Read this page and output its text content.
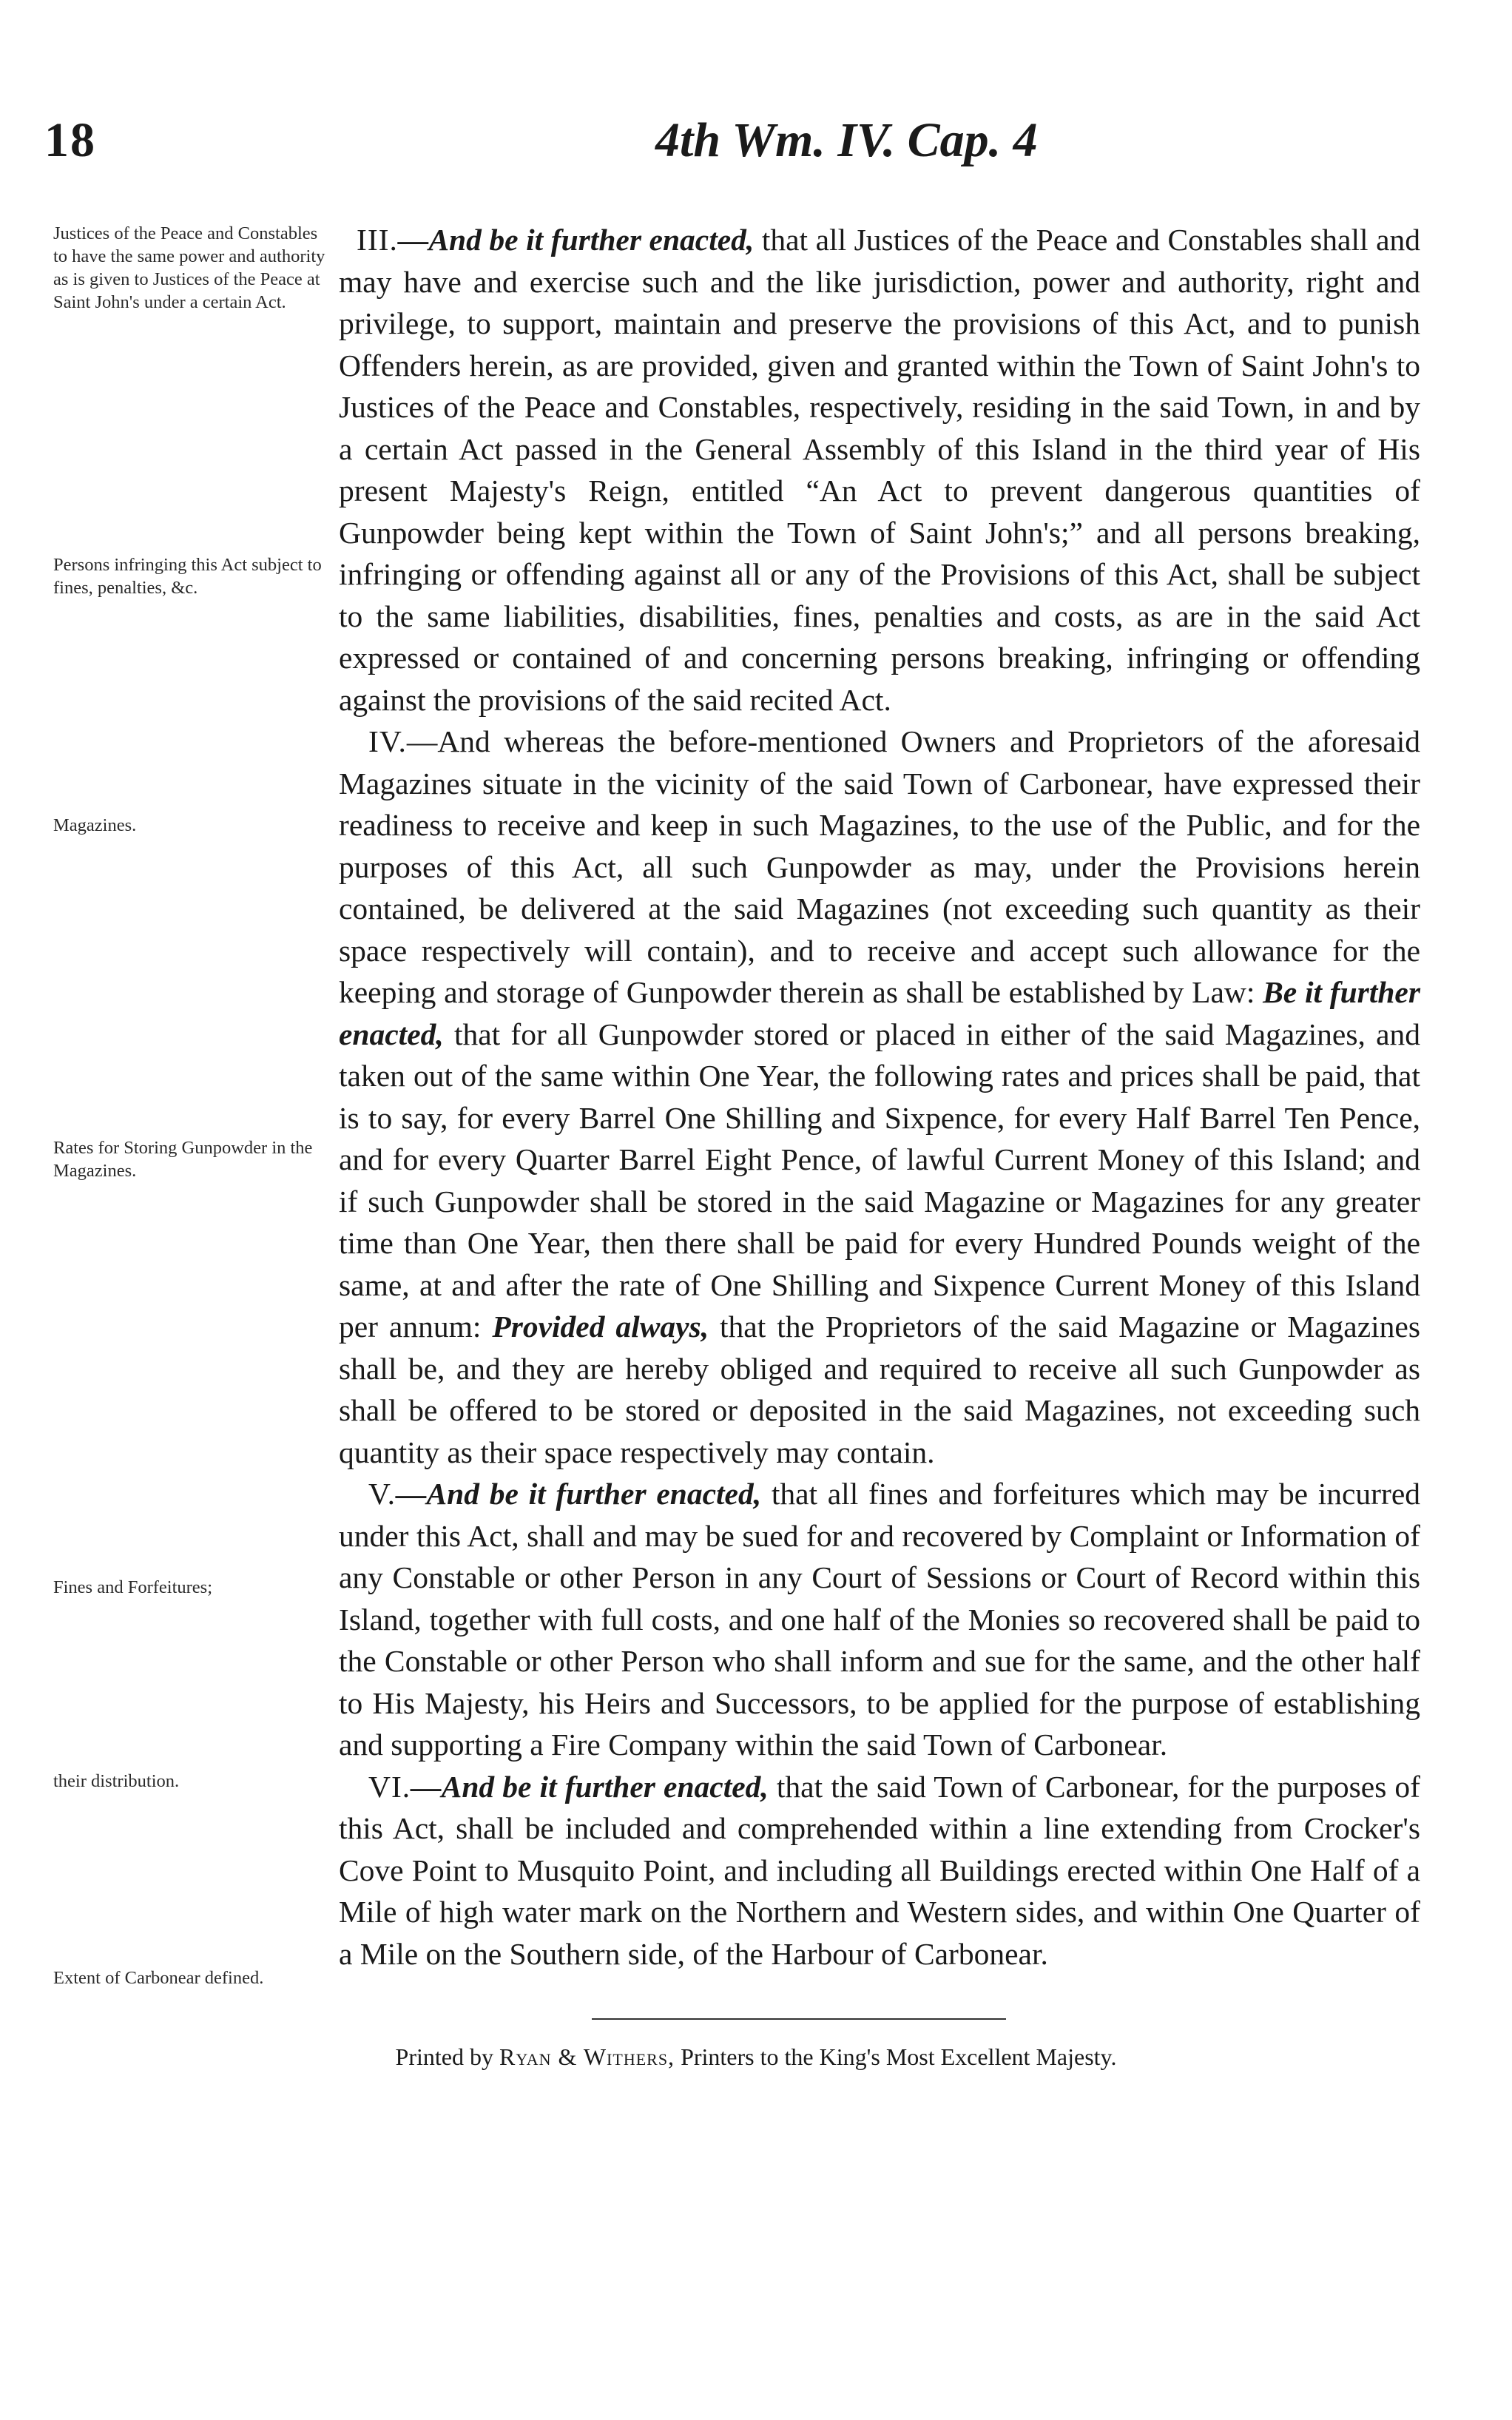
18	4th Wm. IV. Cap. 4
Justices of the Peace and Constables to have the same power and authority as is given to Justices of the Peace at Saint John's under a certain Act.
Persons infringing this Act subject to fines, penalties, &c.
Magazines.
Rates for Storing Gunpowder in the Magazines.
Fines and Forfeitures;
their distribution.
Extent of Carbonear defined.

III.—And be it further enacted, that all Justices of the Peace and Constables shall and may have and exercise such and the like jurisdiction, power and authority, right and privilege, to support, maintain and preserve the provisions of this Act, and to punish Offenders herein, as are provided, given and granted within the Town of Saint John's to Justices of the Peace and Constables, respectively, residing in the said Town, in and by a certain Act passed in the General Assembly of this Island in the third year of His present Majesty's Reign, entitled “An Act to prevent dangerous quantities of Gunpowder being kept within the Town of Saint John's;” and all persons breaking, infringing or offending against all or any of the Provisions of this Act, shall be subject to the same liabilities, disabilities, fines, penalties and costs, as are in the said Act expressed or contained of and concerning persons breaking, infringing or offending against the provisions of the said recited Act.

IV.—And whereas the before-mentioned Owners and Proprietors of the aforesaid Magazines situate in the vicinity of the said Town of Carbonear, have expressed their readiness to receive and keep in such Magazines, to the use of the Public, and for the purposes of this Act, all such Gunpowder as may, under the Provisions herein contained, be delivered at the said Magazines (not exceeding such quantity as their space respectively will contain), and to receive and accept such allowance for the keeping and storage of Gunpowder therein as shall be established by Law: Be it further enacted, that for all Gunpowder stored or placed in either of the said Magazines, and taken out of the same within One Year, the following rates and prices shall be paid, that is to say, for every Barrel One Shilling and Sixpence, for every Half Barrel Ten Pence, and for every Quarter Barrel Eight Pence, of lawful Current Money of this Island; and if such Gunpowder shall be stored in the said Magazine or Magazines for any greater time than One Year, then there shall be paid for every Hundred Pounds weight of the same, at and after the rate of One Shilling and Sixpence Current Money of this Island per annum: Provided always, that the Proprietors of the said Magazine or Magazines shall be, and they are hereby obliged and required to receive all such Gunpowder as shall be offered to be stored or deposited in the said Magazines, not exceeding such quantity as their space respectively may contain.

V.—And be it further enacted, that all fines and forfeitures which may be incurred under this Act, shall and may be sued for and recovered by Complaint or Information of any Constable or other Person in any Court of Sessions or Court of Record within this Island, together with full costs, and one half of the Monies so recovered shall be paid to the Constable or other Person who shall inform and sue for the same, and the other half to His Majesty, his Heirs and Successors, to be applied for the purpose of establishing and supporting a Fire Company within the said Town of Carbonear.

VI.—And be it further enacted, that the said Town of Carbonear, for the purposes of this Act, shall be included and comprehended within a line extending from Crocker's Cove Point to Musquito Point, and including all Buildings erected within One Half of a Mile of high water mark on the Northern and Western sides, and within One Quarter of a Mile on the Southern side, of the Harbour of Carbonear.

Printed by Ryan & Withers, Printers to the King's Most Excellent Majesty.
